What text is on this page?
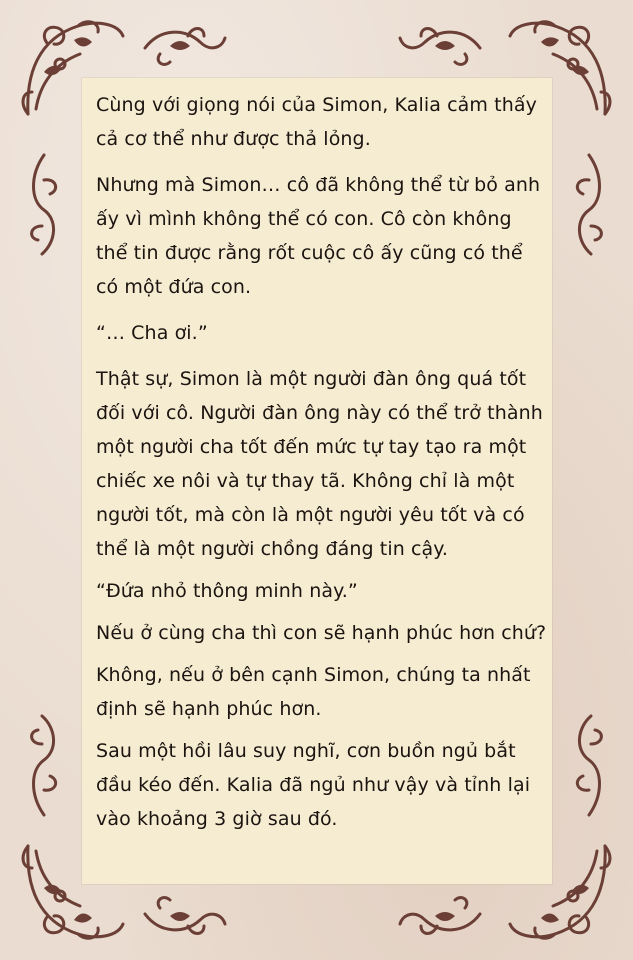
Cùng với giọng nói của Simon, Kalia cảm thấy cả cơ thể như được thả lỏng.

Nhưng mà Simon… cô đã không thể từ bỏ anh ấy vì mình không thể có con. Cô còn không thể tin được rằng rốt cuộc cô ấy cũng có thể có một đứa con.

“… Cha ơi.”

Thật sự, Simon là một người đàn ông quá tốt đối với cô. Người đàn ông này có thể trở thành một người cha tốt đến mức tự tay tạo ra một chiếc xe nôi và tự thay tã. Không chỉ là một người tốt, mà còn là một người yêu tốt và có thể là một người chồng đáng tin cậy.

“Đứa nhỏ thông minh này.”

Nếu ở cùng cha thì con sẽ hạnh phúc hơn chứ?

Không, nếu ở bên cạnh Simon, chúng ta nhất định sẽ hạnh phúc hơn.

Sau một hồi lâu suy nghĩ, cơn buồn ngủ bắt đầu kéo đến. Kalia đã ngủ như vậy và tỉnh lại vào khoảng 3 giờ sau đó.
